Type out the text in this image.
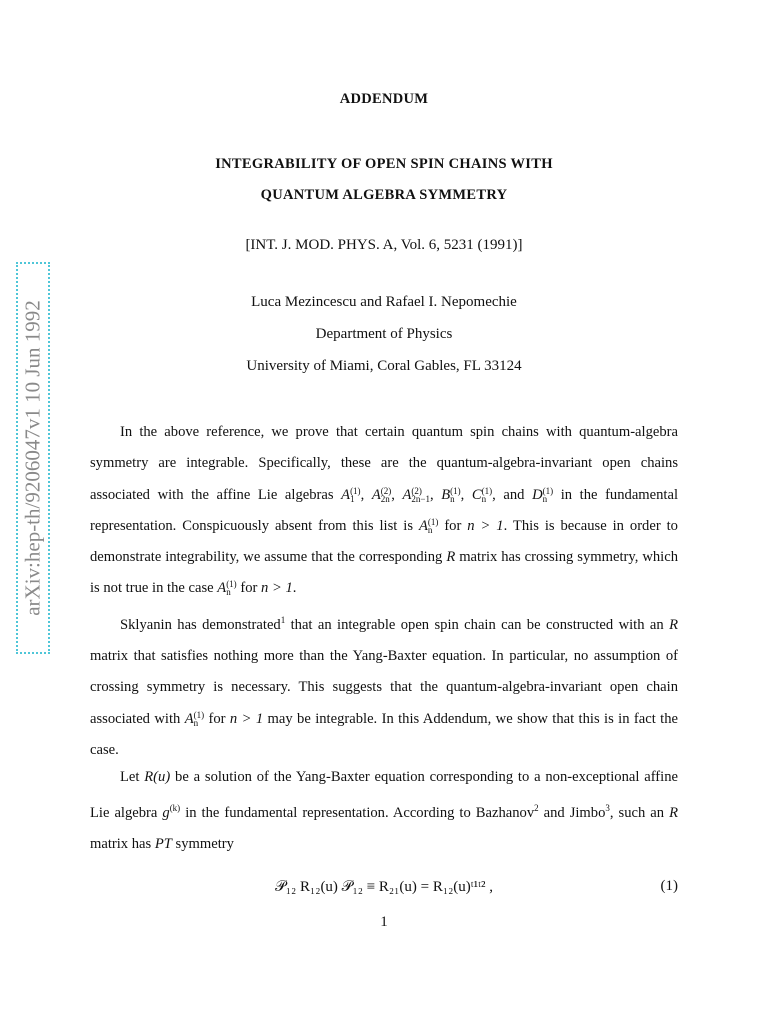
arXiv:hep-th/9206047v1 10 Jun 1992
ADDENDUM
INTEGRABILITY OF OPEN SPIN CHAINS WITH
QUANTUM ALGEBRA SYMMETRY
[INT. J. MOD. PHYS. A, Vol. 6, 5231 (1991)]
Luca Mezincescu and Rafael I. Nepomechie
Department of Physics
University of Miami, Coral Gables, FL 33124
In the above reference, we prove that certain quantum spin chains with quantum-algebra symmetry are integrable. Specifically, these are the quantum-algebra-invariant open chains associated with the affine Lie algebras A (1)
1 , A (2)
2n , A (2)
2n−1 , B (1)
n , C (1)
n , and D (1)
n in the fundamental representation. Conspicuously absent from this list is A (1)
n for n > 1. This is because in order to demonstrate integrability, we assume that the corresponding R matrix has crossing symmetry, which is not true in the case A (1)
n for n > 1.
Sklyanin has demonstrated$^1$ that an integrable open spin chain can be constructed with an R matrix that satisfies nothing more than the Yang-Baxter equation. In particular, no assumption of crossing symmetry is necessary. This suggests that the quantum-algebra-invariant open chain associated with A (1)
n for n > 1 may be integrable. In this Addendum, we show that this is in fact the case.
Let R(u) be a solution of the Yang-Baxter equation corresponding to a non-exceptional affine Lie algebra $g^{(k)}$ in the fundamental representation. According to Bazhanov$^2$ and Jimbo$^3$, such an R matrix has PT symmetry
𝒫₁₂ R₁₂(u) 𝒫₁₂ ≡ R₂₁(u) = R₁₂(u)ᵗ¹ᵗ² ,	(1)
1
